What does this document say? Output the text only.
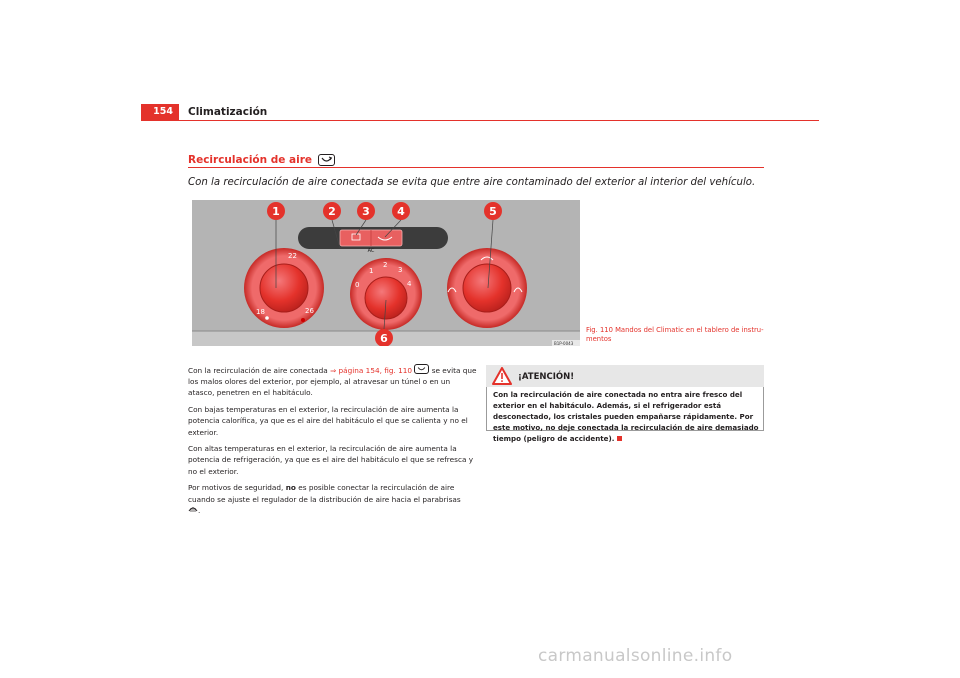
154	Climatización
Recirculación de aire
Con la recirculación de aire conectada se evita que entre aire contaminado del exterior al interior del vehículo.
AC
22
18	26
0
1
2
3
4
1	2 3 4	5
6	B1P-0043
Fig. 110 Mandos del Climatic en el tablero de instru-mentos

Con la recirculación de aire conectada ⇒ página 154, fig. 110
se evita que los malos olores del exterior, por ejemplo, al atravesar un túnel o en un atasco, penetren en el habitáculo.

Con bajas temperaturas en el exterior, la recirculación de aire aumenta la potencia calorífica, ya que es el aire del habitáculo el que se calienta y no el exterior.

Con altas temperaturas en el exterior, la recirculación de aire aumenta la potencia de refrigeración, ya que es el aire del habitáculo el que se refresca y no el exterior.

Por motivos de seguridad, no es posible conectar la recirculación de aire cuando se ajuste el regulador de la distribución de aire hacia el parabrisas
.

¡ATENCIÓN!
Con la recirculación de aire conectada no entra aire fresco del exterior en el habitáculo. Además, si el refrigerador está desconectado, los cristales pueden empañarse rápidamente. Por este motivo, no deje conectada la recirculación de aire demasiado tiempo (peligro de accidente).
carmanualsonline.info
